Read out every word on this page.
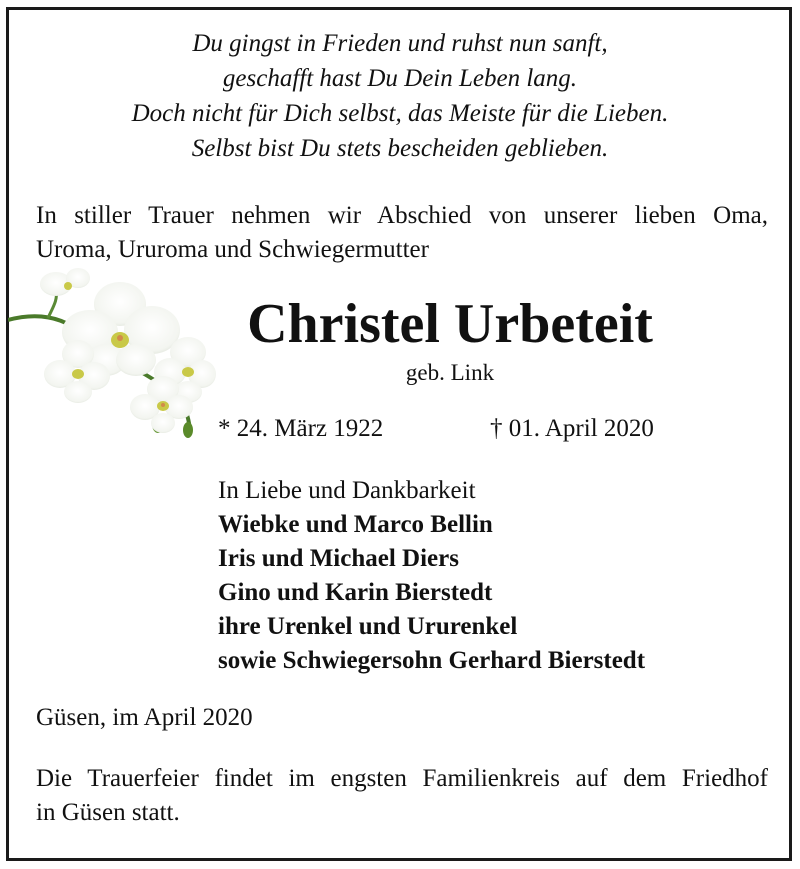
Du gingst in Frieden und ruhst nun sanft,
geschafft hast Du Dein Leben lang.
Doch nicht für Dich selbst, das Meiste für die Lieben.
Selbst bist Du stets bescheiden geblieben.
In stiller Trauer nehmen wir Abschied von unserer lieben Oma,
Uroma, Ururoma und Schwiegermutter
Christel Urbeteit
geb. Link
* 24. März 1922	† 01. April 2020
In Liebe und Dankbarkeit
Wiebke und Marco Bellin
Iris und Michael Diers
Gino und Karin Bierstedt
ihre Urenkel und Ururenkel
sowie Schwiegersohn Gerhard Bierstedt
Güsen, im April 2020
Die Trauerfeier findet im engsten Familienkreis auf dem Friedhof
in Güsen statt.
